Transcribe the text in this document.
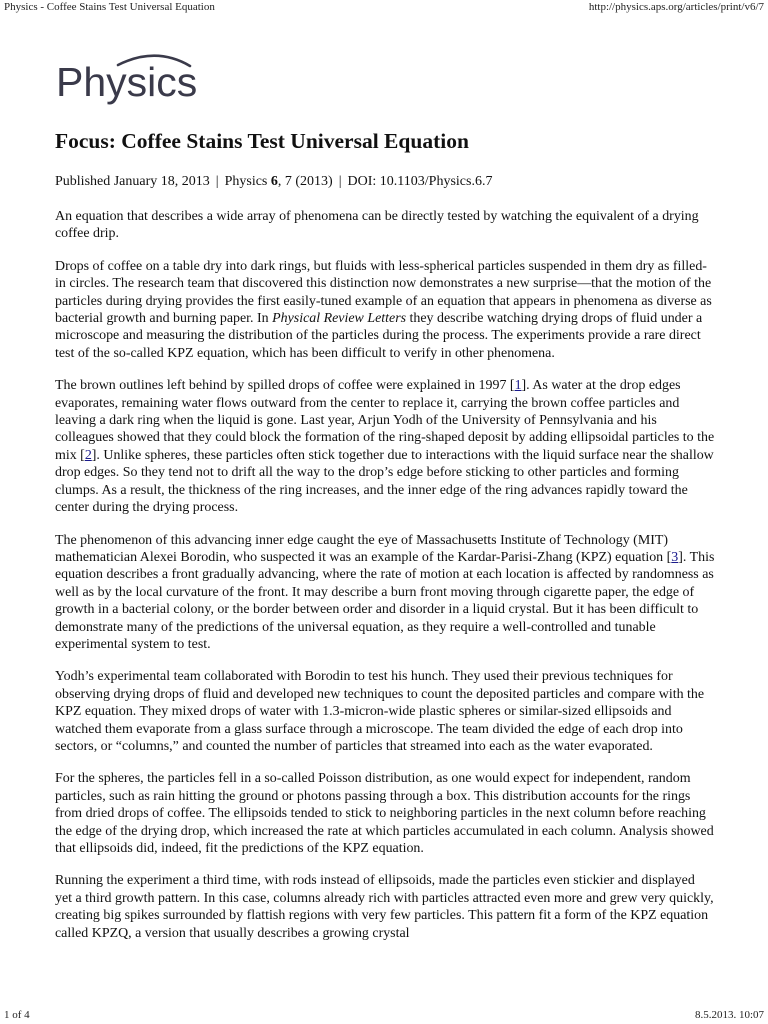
Physics - Coffee Stains Test Universal Equation	http://physics.aps.org/articles/print/v6/7
Physics
Focus: Coffee Stains Test Universal Equation
Published January 18, 2013 | Physics 6, 7 (2013) | DOI: 10.1103/Physics.6.7

An equation that describes a wide array of phenomena can be directly tested by watching the equivalent of a drying coffee drip.

Drops of coffee on a table dry into dark rings, but fluids with less-spherical particles suspended in them dry as filled-in circles. The research team that discovered this distinction now demonstrates a new surprise—that the motion of the particles during drying provides the first easily-tuned example of an equation that appears in phenomena as diverse as bacterial growth and burning paper. In Physical Review Letters they describe watching drying drops of fluid under a microscope and measuring the distribution of the particles during the process. The experiments provide a rare direct test of the so-called KPZ equation, which has been difficult to verify in other phenomena.

The brown outlines left behind by spilled drops of coffee were explained in 1997 [1]. As water at the drop edges evaporates, remaining water flows outward from the center to replace it, carrying the brown coffee particles and leaving a dark ring when the liquid is gone. Last year, Arjun Yodh of the University of Pennsylvania and his colleagues showed that they could block the formation of the ring-shaped deposit by adding ellipsoidal particles to the mix [2]. Unlike spheres, these particles often stick together due to interactions with the liquid surface near the shallow drop edges. So they tend not to drift all the way to the drop’s edge before sticking to other particles and forming clumps. As a result, the thickness of the ring increases, and the inner edge of the ring advances rapidly toward the center during the drying process.

The phenomenon of this advancing inner edge caught the eye of Massachusetts Institute of Technology (MIT) mathematician Alexei Borodin, who suspected it was an example of the Kardar-Parisi-Zhang (KPZ) equation [3]. This equation describes a front gradually advancing, where the rate of motion at each location is affected by randomness as well as by the local curvature of the front. It may describe a burn front moving through cigarette paper, the edge of growth in a bacterial colony, or the border between order and disorder in a liquid crystal. But it has been difficult to demonstrate many of the predictions of the universal equation, as they require a well-controlled and tunable experimental system to test.

Yodh’s experimental team collaborated with Borodin to test his hunch. They used their previous techniques for observing drying drops of fluid and developed new techniques to count the deposited particles and compare with the KPZ equation. They mixed drops of water with 1.3-micron-wide plastic spheres or similar-sized ellipsoids and watched them evaporate from a glass surface through a microscope. The team divided the edge of each drop into sectors, or “columns,” and counted the number of particles that streamed into each as the water evaporated.

For the spheres, the particles fell in a so-called Poisson distribution, as one would expect for independent, random particles, such as rain hitting the ground or photons passing through a box. This distribution accounts for the rings from dried drops of coffee. The ellipsoids tended to stick to neighboring particles in the next column before reaching the edge of the drying drop, which increased the rate at which particles accumulated in each column. Analysis showed that ellipsoids did, indeed, fit the predictions of the KPZ equation.

Running the experiment a third time, with rods instead of ellipsoids, made the particles even stickier and displayed yet a third growth pattern. In this case, columns already rich with particles attracted even more and grew very quickly, creating big spikes surrounded by flattish regions with very few particles. This pattern fit a form of the KPZ equation called KPZQ, a version that usually describes a growing crystal

1 of 4	8.5.2013. 10:07
